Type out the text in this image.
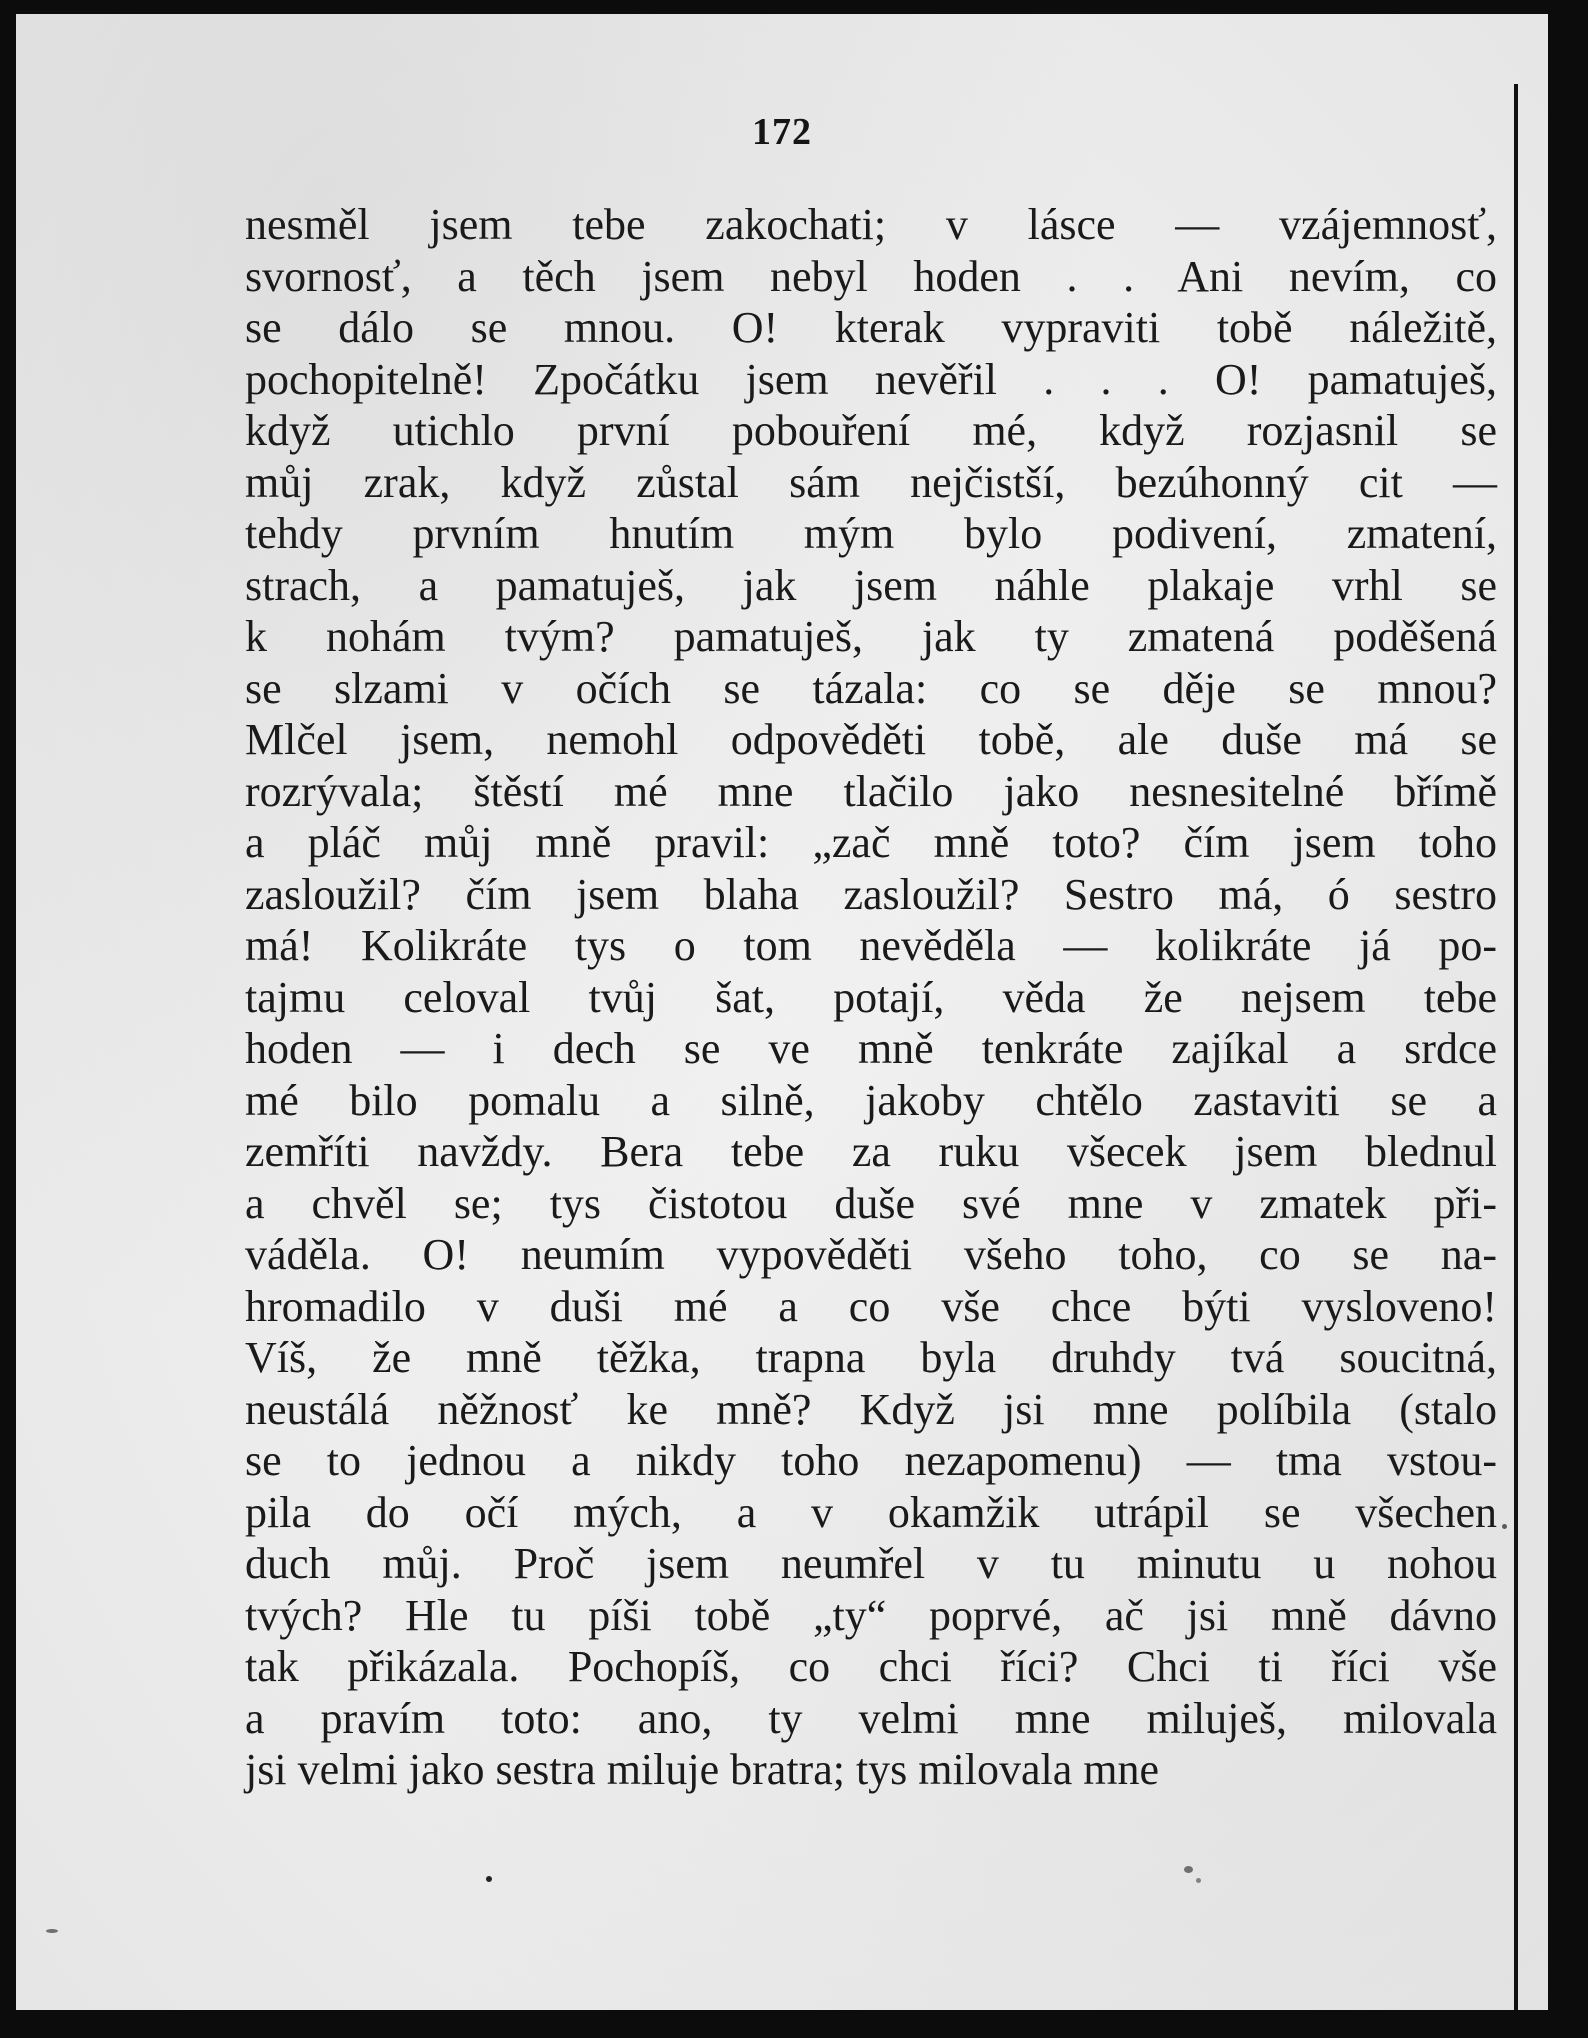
172
nesměl jsem tebe zakochati; v lásce — vzájemnosť,
svornosť, a těch jsem nebyl hoden . . Ani nevím, co
se dálo se mnou. O! kterak vypraviti tobě náležitě,
pochopitelně! Zpočátku jsem nevěřil . . . O! pamatuješ,
když utichlo první pobouření mé, když rozjasnil se
můj zrak, když zůstal sám nejčistší, bezúhonný cit —
tehdy prvním hnutím mým bylo podivení, zmatení,
strach, a pamatuješ, jak jsem náhle plakaje vrhl se
k nohám tvým? pamatuješ, jak ty zmatená poděšená
se slzami v očích se tázala: co se děje se mnou?
Mlčel jsem, nemohl odpověděti tobě, ale duše má se
rozrývala; štěstí mé mne tlačilo jako nesnesitelné břímě
a pláč můj mně pravil: „zač mně toto? čím jsem toho
zasloužil? čím jsem blaha zasloužil? Sestro má, ó sestro
má! Kolikráte tys o tom nevěděla — kolikráte já po-
tajmu celoval tvůj šat, potají, věda že nejsem tebe
hoden — i dech se ve mně tenkráte zajíkal a srdce
mé bilo pomalu a silně, jakoby chtělo zastaviti se a
zemříti navždy. Bera tebe za ruku všecek jsem blednul
a chvěl se; tys čistotou duše své mne v zmatek při-
váděla. O! neumím vypověděti všeho toho, co se na-
hromadilo v duši mé a co vše chce býti vysloveno!
Víš, že mně těžka, trapna byla druhdy tvá soucitná,
neustálá něžnosť ke mně? Když jsi mne políbila (stalo
se to jednou a nikdy toho nezapomenu) — tma vstou-
pila do očí mých, a v okamžik utrápil se všechen
duch můj. Proč jsem neumřel v tu minutu u nohou
tvých? Hle tu píši tobě „ty“ poprvé, ač jsi mně dávno
tak přikázala. Pochopíš, co chci říci? Chci ti říci vše
a pravím toto: ano, ty velmi mne miluješ, milovala
jsi velmi jako sestra miluje bratra; tys milovala mne
